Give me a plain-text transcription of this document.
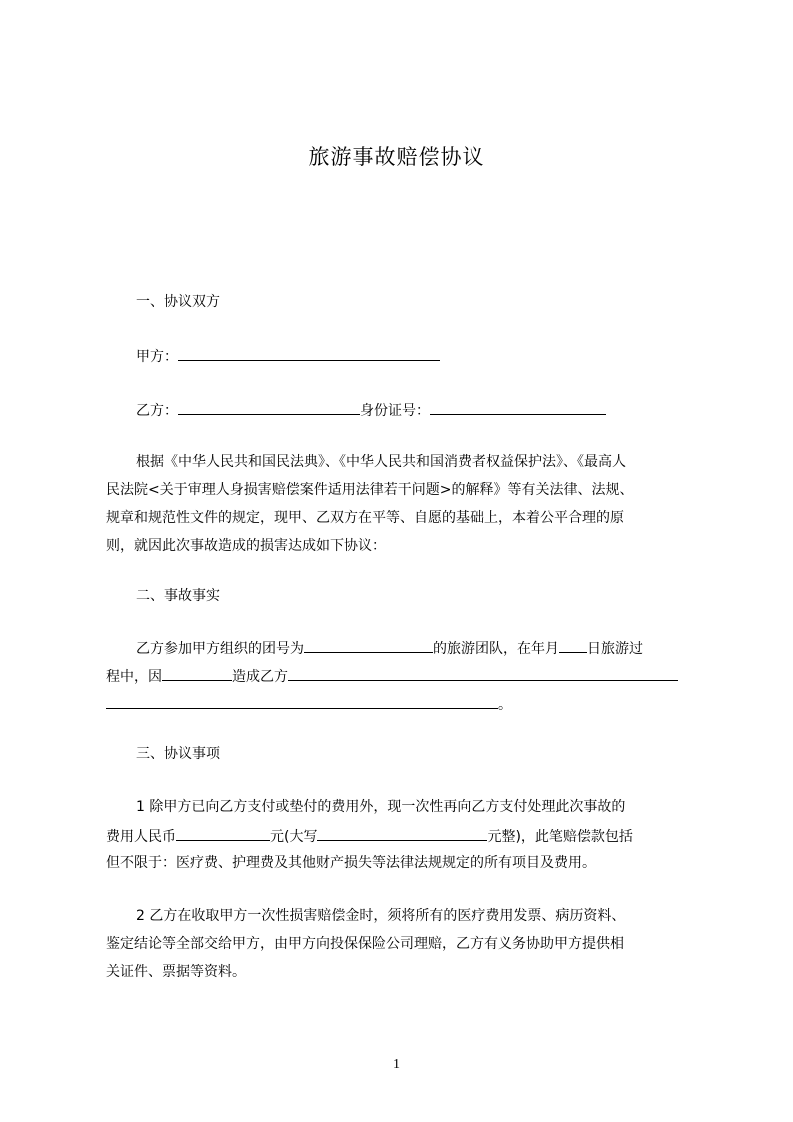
旅游事故赔偿协议
一、协议双方
甲方：
乙方：	身份证号：
根据《中华人民共和国民法典》、《中华人民共和国消费者权益保护法》、《最高人
民法院<关于审理人身损害赔偿案件适用法律若干问题>的解释》等有关法律、法规、
规章和规范性文件的规定，现甲、乙双方在平等、自愿的基础上，本着公平合理的原
则，就因此次事故造成的损害达成如下协议：
二、事故事实
乙方参加甲方组织的团号为	的旅游团队，在年月 日旅游过
程中，因	造成乙方
。
三、协议事项
1 除甲方已向乙方支付或垫付的费用外，现一次性再向乙方支付处理此次事故的
费用人民币	元(大写	元整)，此笔赔偿款包括
但不限于：医疗费、护理费及其他财产损失等法律法规规定的所有项目及费用。
2 乙方在收取甲方一次性损害赔偿金时，须将所有的医疗费用发票、病历资料、
鉴定结论等全部交给甲方，由甲方向投保保险公司理赔，乙方有义务协助甲方提供相
关证件、票据等资料。
1
